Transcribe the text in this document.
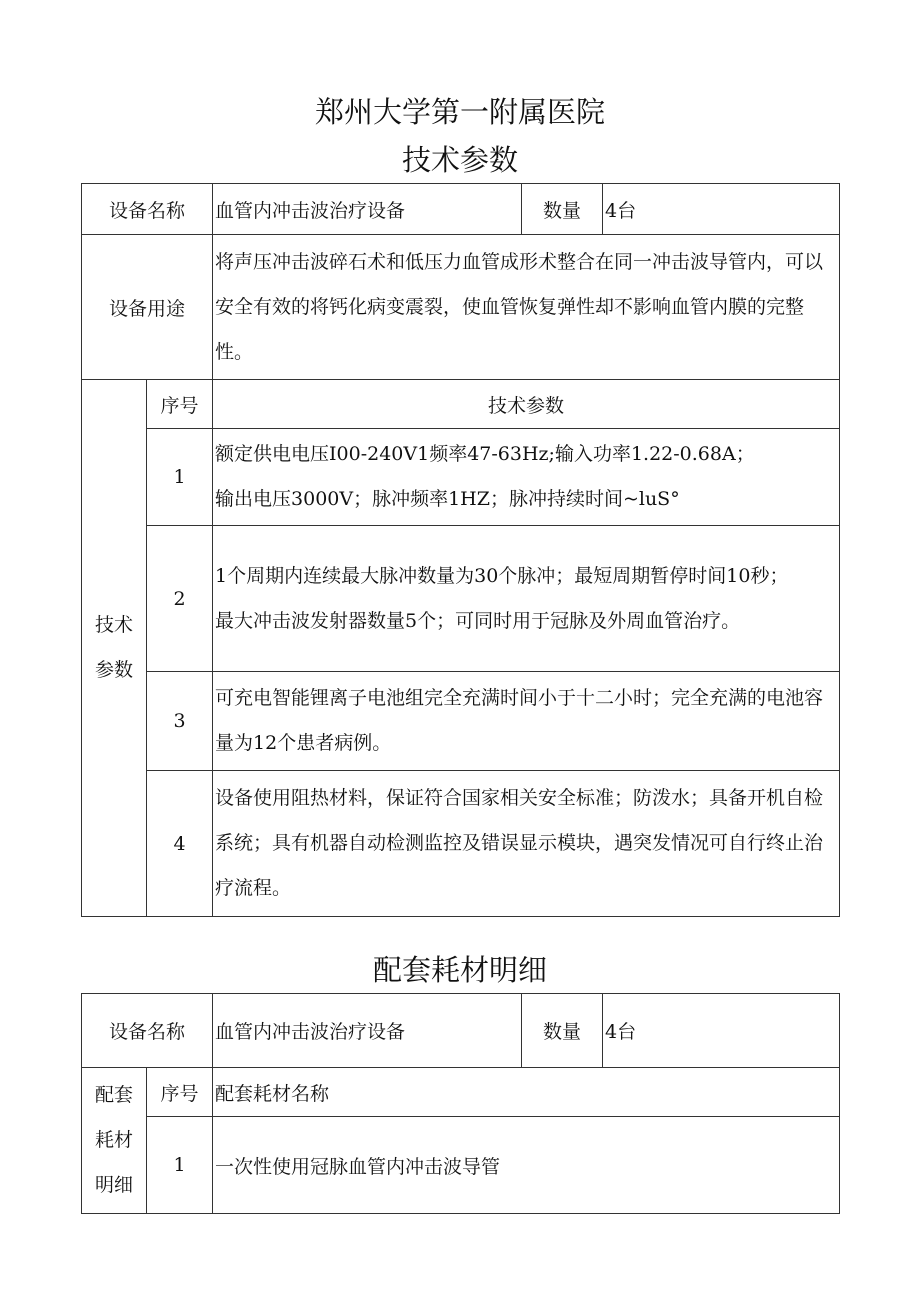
郑州大学第一附属医院
技术参数
设备名称		血管内冲击波治疗设备	数量	4台
设备用途		将声压冲击波碎石术和低压力血管成形术整合在同一冲击波导管内，可以安全有效的将钙化病变震裂，使血管恢复弹性却不影响血管内膜的完整性。		

技术
参数	序号	技术参数		
	1	额定供电电压I00-240V1频率47-63Hz;输入功率1.22-0.68A；

输出电压3000V；脉冲频率1HZ；脉冲持续时间~luS°		

	2	1个周期内连续最大脉冲数量为30个脉冲；最短周期暂停时间10秒；

最大冲击波发射器数量5个；可同时用于冠脉及外周血管治疗。		

	3	可充电智能锂离子电池组完全充满时间小于十二小时；完全充满的电池容量为12个患者病例。		

	4	设备使用阻热材料，保证符合国家相关安全标准；防泼水；具备开机自检系统；具有机器自动检测监控及错误显示模块，遇突发情况可自行终止治疗流程。		

配套耗材明细
设备名称		血管内冲击波治疗设备	数量	4台

配套
耗材
明细	序号	配套耗材名称		
	1	一次性使用冠脉血管内冲击波导管		
